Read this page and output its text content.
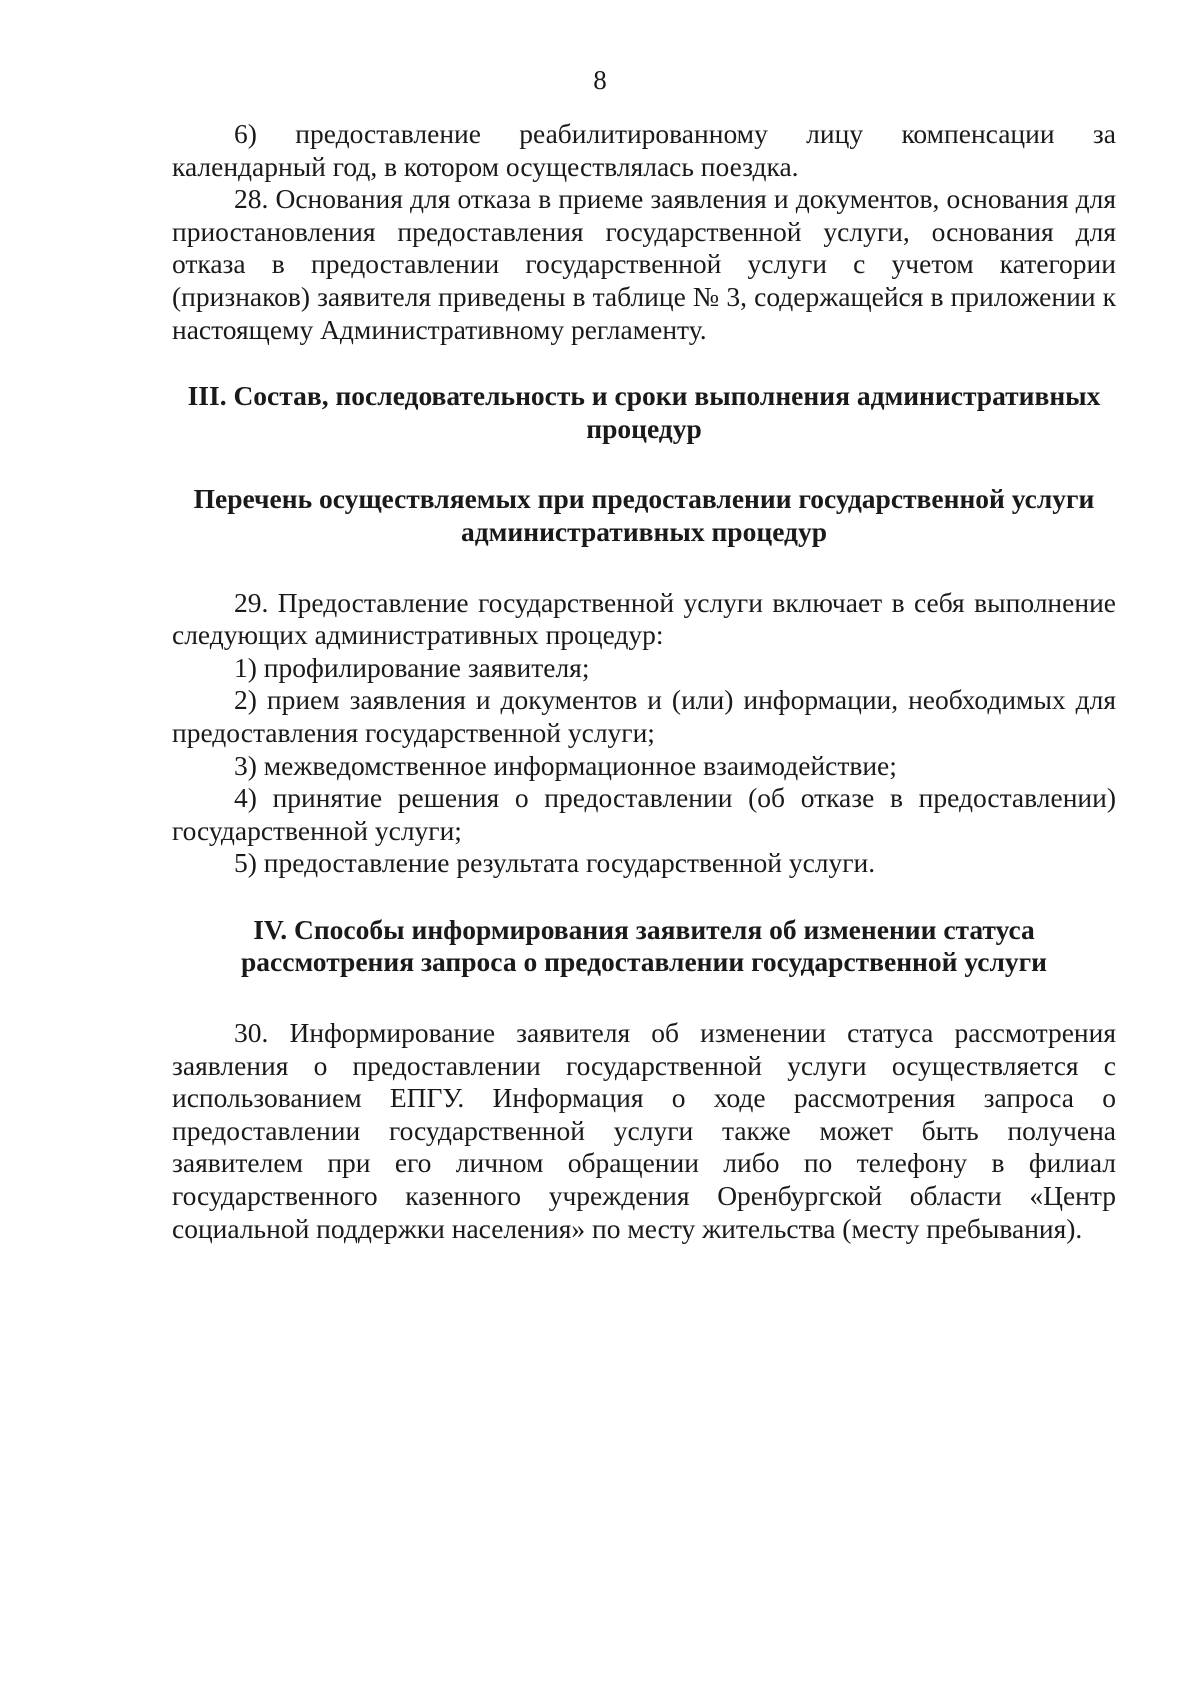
8

6) предоставление реабилитированному лицу компенсации за календарный год, в котором осуществлялась поездка.

28. Основания для отказа в приеме заявления и документов, основания для приостановления предоставления государственной услуги, основания для отказа в предоставлении государственной услуги с учетом категории (признаков) заявителя приведены в таблице № 3, содержащейся в приложении к настоящему Административному регламенту.

III. Состав, последовательность и сроки выполнения административных

процедур

Перечень осуществляемых при предоставлении государственной услуги

административных процедур

29. Предоставление государственной услуги включает в себя выполнение следующих административных процедур:

1) профилирование заявителя;

2) прием заявления и документов и (или) информации, необходимых для предоставления государственной услуги;

3) межведомственное информационное взаимодействие;

4) принятие решения о предоставлении (об отказе в предоставлении) государственной услуги;

5) предоставление результата государственной услуги.

IV. Способы информирования заявителя об изменении статуса

рассмотрения запроса о предоставлении государственной услуги

30. Информирование заявителя об изменении статуса рассмотрения заявления о предоставлении государственной услуги осуществляется с использованием ЕПГУ. Информация о ходе рассмотрения запроса о предоставлении государственной услуги также может быть получена заявителем при его личном обращении либо по телефону в филиал государственного казенного учреждения Оренбургской области «Центр социальной поддержки населения» по месту жительства (месту пребывания).
